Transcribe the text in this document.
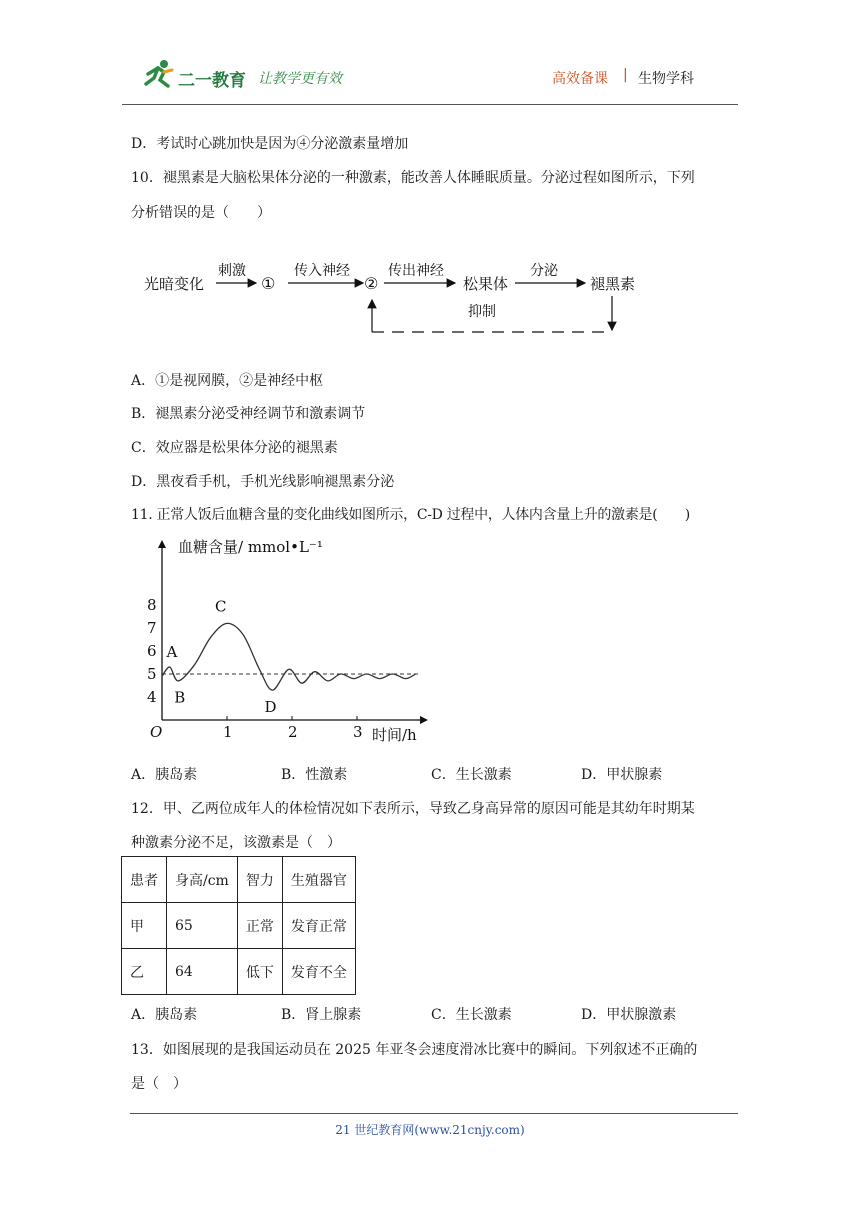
二一教育 让教学更有效	高效备课 | 生物学科
D．考试时心跳加快是因为④分泌激素量增加
10．褪黑素是大脑松果体分泌的一种激素，能改善人体睡眠质量。分泌过程如图所示，下列
分析错误的是（　　）
光暗变化
刺激
①
传入神经
②
传出神经
松果体
分泌
褪黑素
抑制
A．①是视网膜，②是神经中枢
B．褪黑素分泌受神经调节和激素调节
C．效应器是松果体分泌的褪黑素
D．黑夜看手机，手机光线影响褪黑素分泌
11. 正常人饭后血糖含量的变化曲线如图所示，C-D 过程中，人体内含量上升的激素是(　　)
血糖含量/ mmol•L⁻¹
时间/h
O
4
5
6
7
8
1	2	3
A
B
C
D
A．胰岛素	B．性激素	C．生长激素	D．甲状腺素
12．甲、乙两位成年人的体检情况如下表所示，导致乙身高异常的原因可能是其幼年时期某
种激素分泌不足，该激素是（　）
患者	身高/cm	智力	生殖器官
甲	65	正常	发育正常
乙	64	低下	发育不全
A．胰岛素	B．肾上腺素	C．生长激素	D．甲状腺激素
13．如图展现的是我国运动员在 2025 年亚冬会速度滑冰比赛中的瞬间。下列叙述不正确的
是（　）
21 世纪教育网(www.21cnjy.com)
